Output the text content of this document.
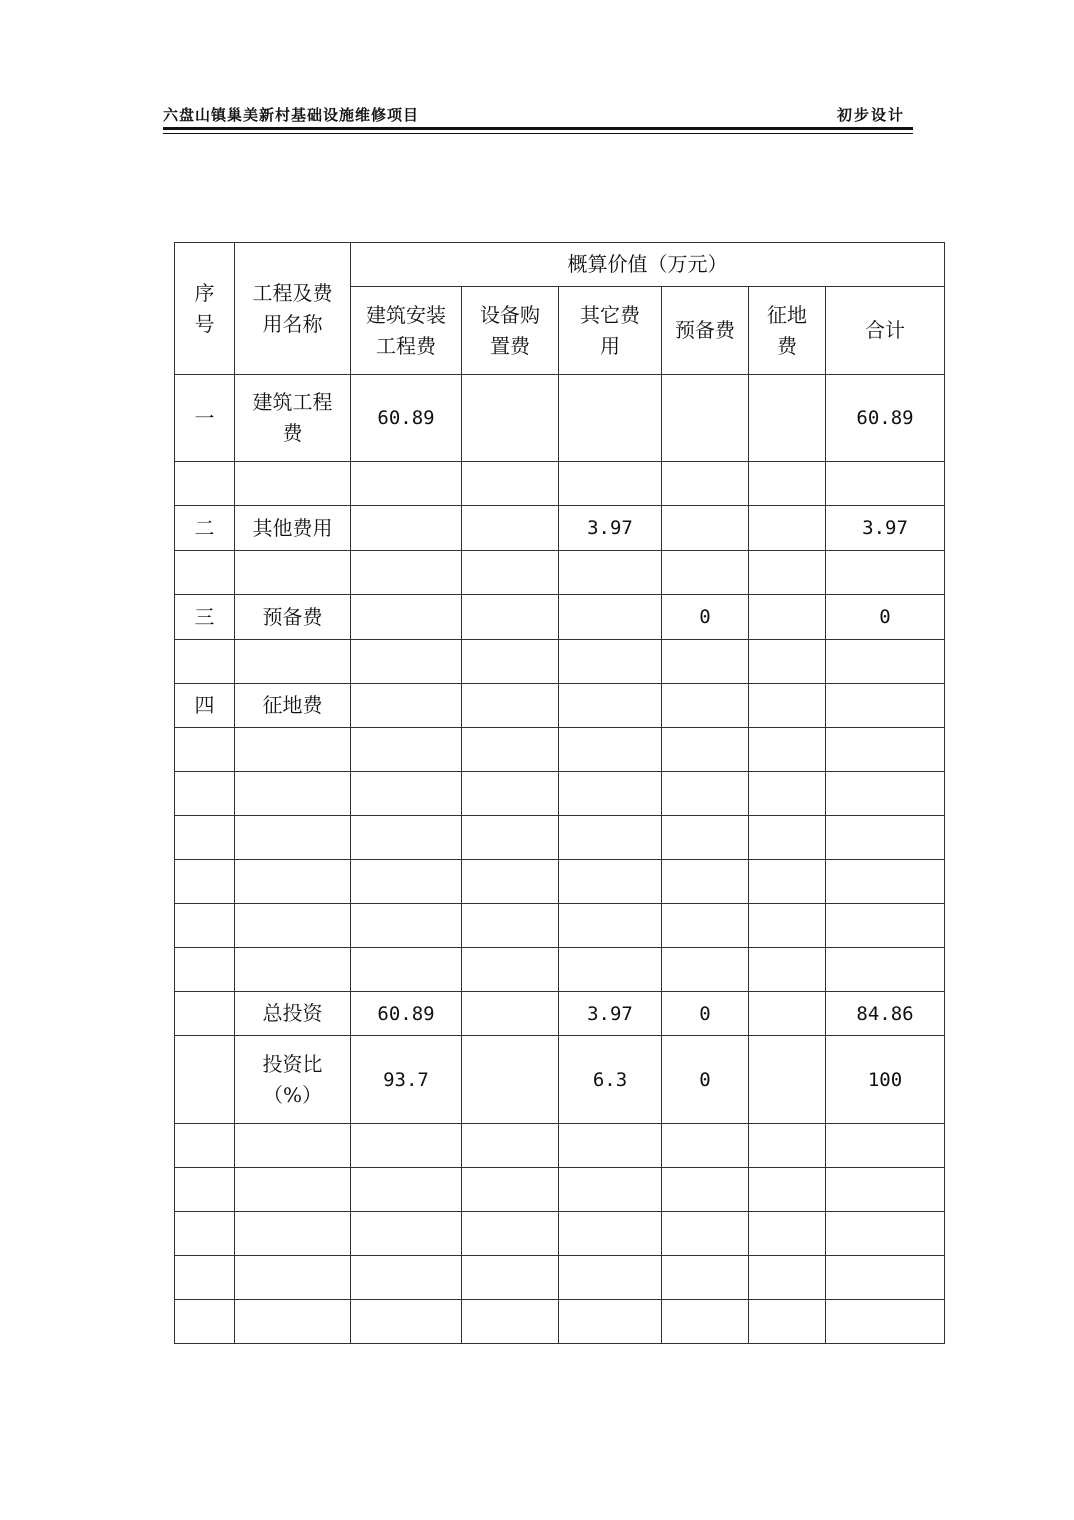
六盘山镇巢美新村基础设施维修项目	初步设计
序号	工程及费用名称	概算价值（万元）					
		建筑安装工程费	设备购置费	其它费用	预备费	征地费	合计
一	建筑工程费	60.89					60.89

二	其他费用			3.97			3.97

三	预备费				0		0

四	征地费						

	总投资	60.89		3.97	0		84.86
	投资比（%）	93.7		6.3	0		100
